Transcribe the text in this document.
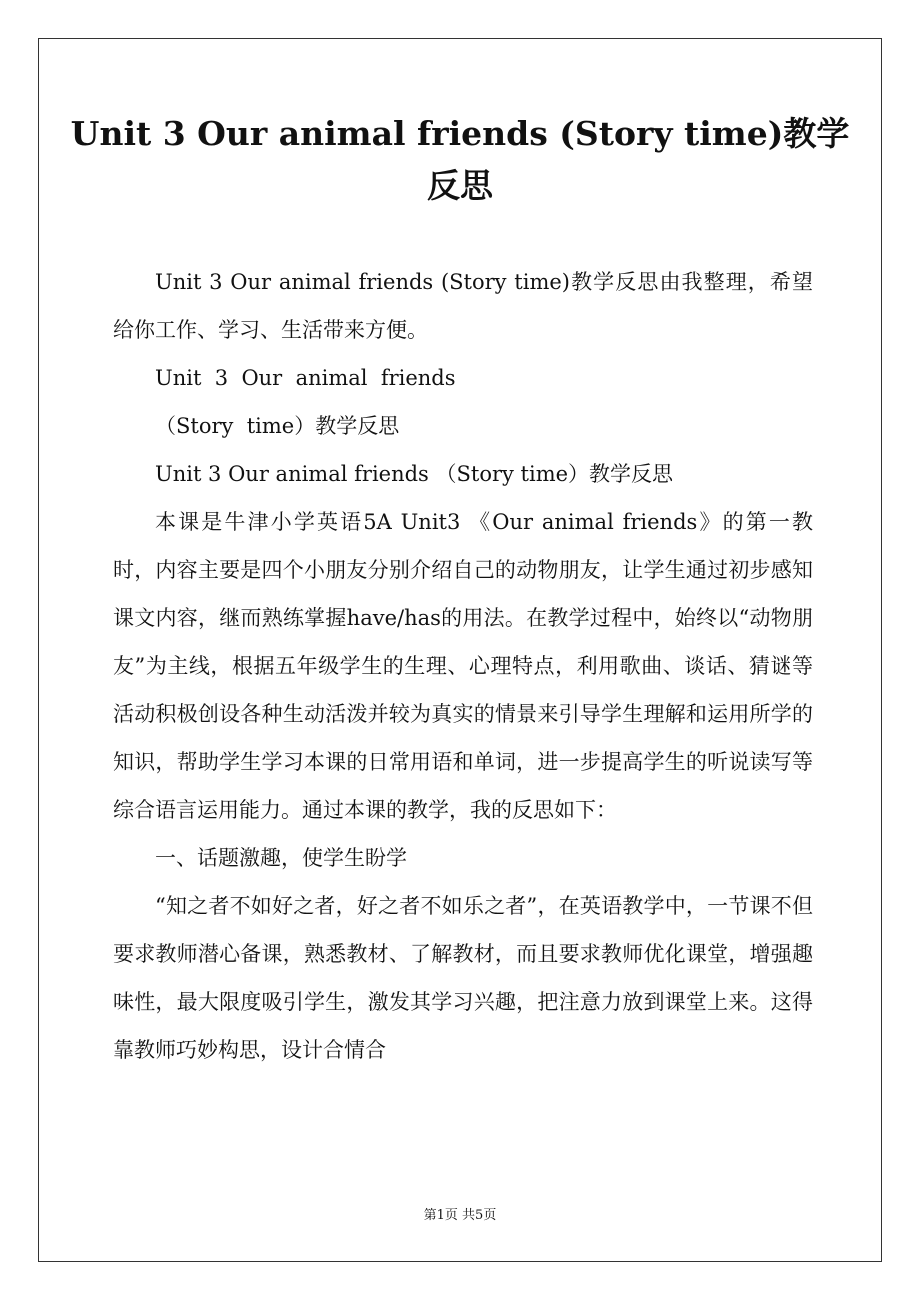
Unit 3 Our animal friends (Story time)教学反思

Unit 3 Our animal friends (Story time)教学反思由我整理，希望给你工作、学习、生活带来方便。

Unit  3  Our  animal  friends

（Story  time）教学反思

Unit 3 Our animal friends （Story time）教学反思

本课是牛津小学英语5A Unit3 《Our animal friends》的第一教时，内容主要是四个小朋友分别介绍自己的动物朋友，让学生通过初步感知课文内容，继而熟练掌握have/has的用法。在教学过程中，始终以“动物朋友”为主线，根据五年级学生的生理、心理特点，利用歌曲、谈话、猜谜等活动积极创设各种生动活泼并较为真实的情景来引导学生理解和运用所学的知识，帮助学生学习本课的日常用语和单词，进一步提高学生的听说读写等综合语言运用能力。通过本课的教学，我的反思如下：

一、话题激趣，使学生盼学

“知之者不如好之者，好之者不如乐之者”，在英语教学中，一节课不但要求教师潜心备课，熟悉教材、了解教材，而且要求教师优化课堂，增强趣味性，最大限度吸引学生，激发其学习兴趣，把注意力放到课堂上来。这得靠教师巧妙构思，设计合情合

第1页 共5页
